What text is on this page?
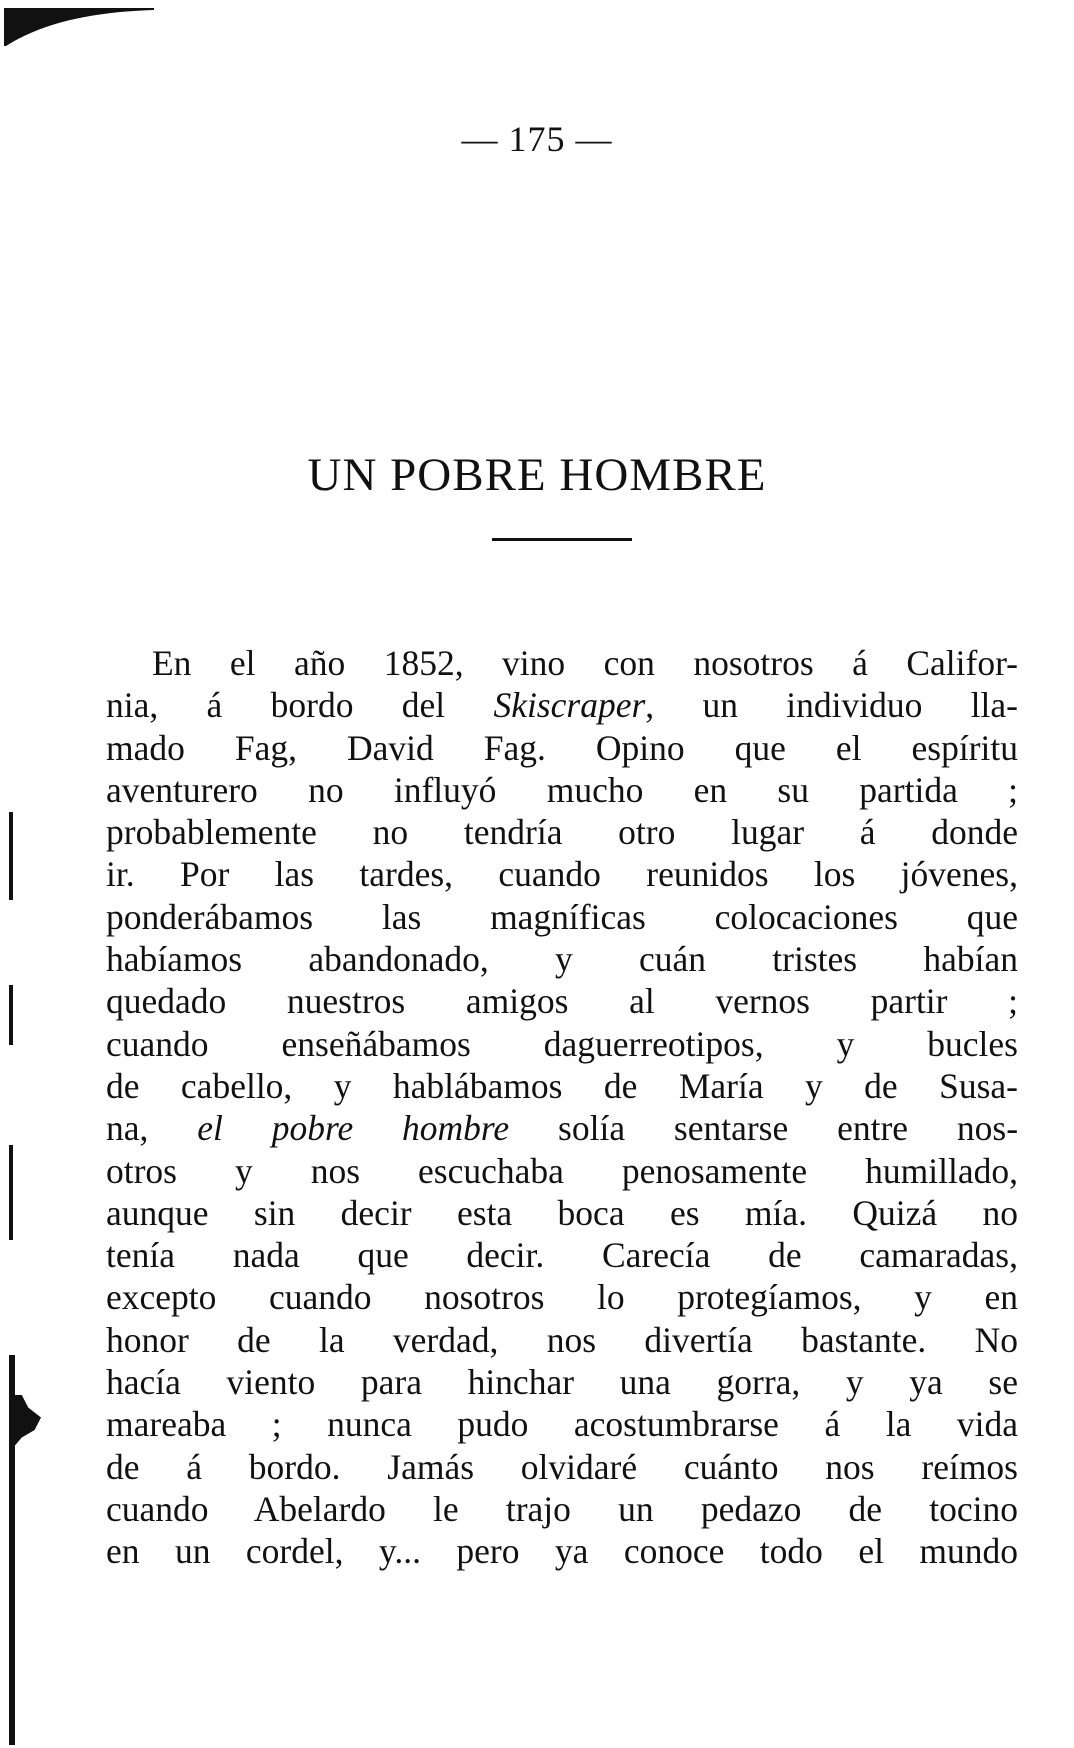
— 175 —
UN POBRE HOMBRE
En el año 1852, vino con nosotros á Califor-
nia, á bordo del Skiscraper, un individuo lla-
mado Fag, David Fag. Opino que el espíritu
aventurero no influyó mucho en su partida ;
probablemente no tendría otro lugar á donde
ir. Por las tardes, cuando reunidos los jóvenes,
ponderábamos las magníficas colocaciones que
habíamos abandonado, y cuán tristes habían
quedado nuestros amigos al vernos partir ;
cuando enseñábamos daguerreotipos, y bucles
de cabello, y hablábamos de María y de Susa-
na, el pobre hombre solía sentarse entre nos-
otros y nos escuchaba penosamente humillado,
aunque sin decir esta boca es mía. Quizá no
tenía nada que decir. Carecía de camaradas,
excepto cuando nosotros lo protegíamos, y en
honor de la verdad, nos divertía bastante. No
hacía viento para hinchar una gorra, y ya se
mareaba ; nunca pudo acostumbrarse á la vida
de á bordo. Jamás olvidaré cuánto nos reímos
cuando Abelardo le trajo un pedazo de tocino
en un cordel, y... pero ya conoce todo el mundo
